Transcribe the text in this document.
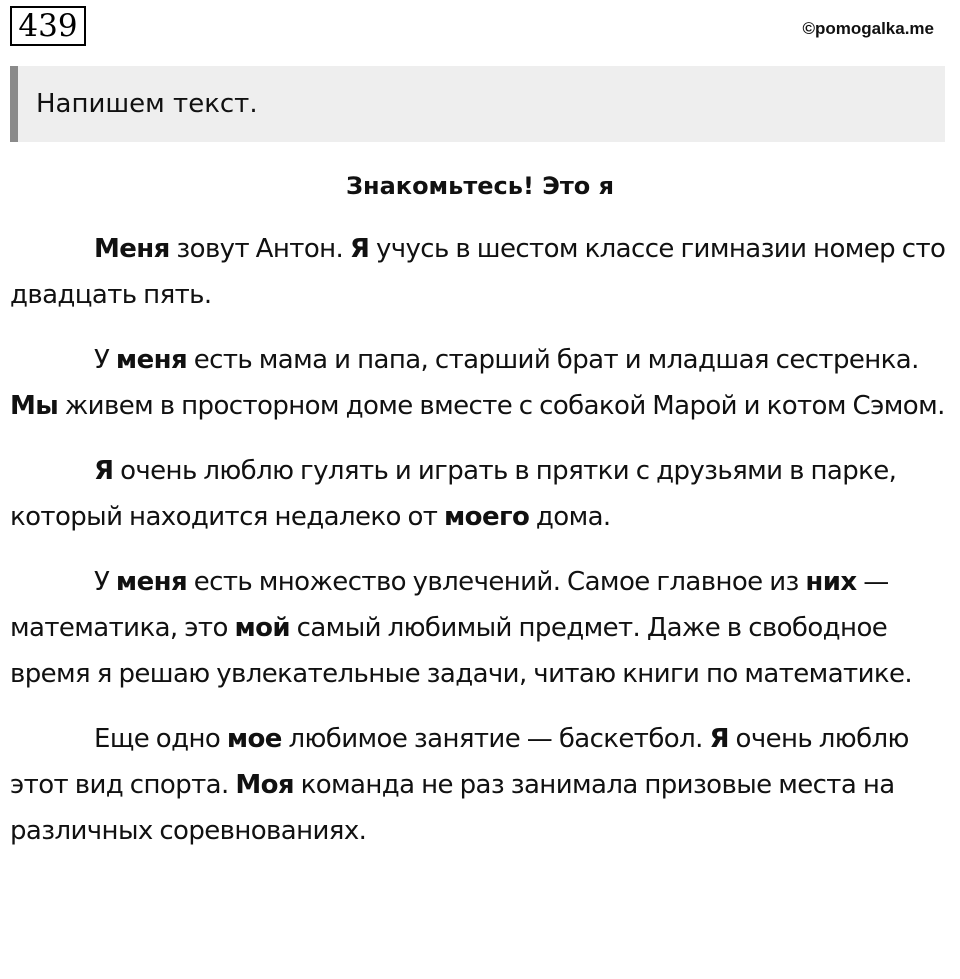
439	©pomogalka.me
Напишем текст.
Знакомьтесь! Это я

Меня зовут Антон. Я учусь в шестом классе гимназии номер сто двадцать пять.

У меня есть мама и папа, старший брат и младшая сестренка. Мы живем в просторном доме вместе с собакой Марой и котом Сэмом.

Я очень люблю гулять и играть в прятки с друзьями в парке, который находится недалеко от моего дома.

У меня есть множество увлечений. Самое главное из них —математика, это мой самый любимый предмет. Даже в свободное время я решаю увлекательные задачи, читаю книги по математике.

Еще одно мое любимое занятие — баскетбол. Я очень люблю этот вид спорта. Моя команда не раз занимала призовые места на различных соревнованиях.
